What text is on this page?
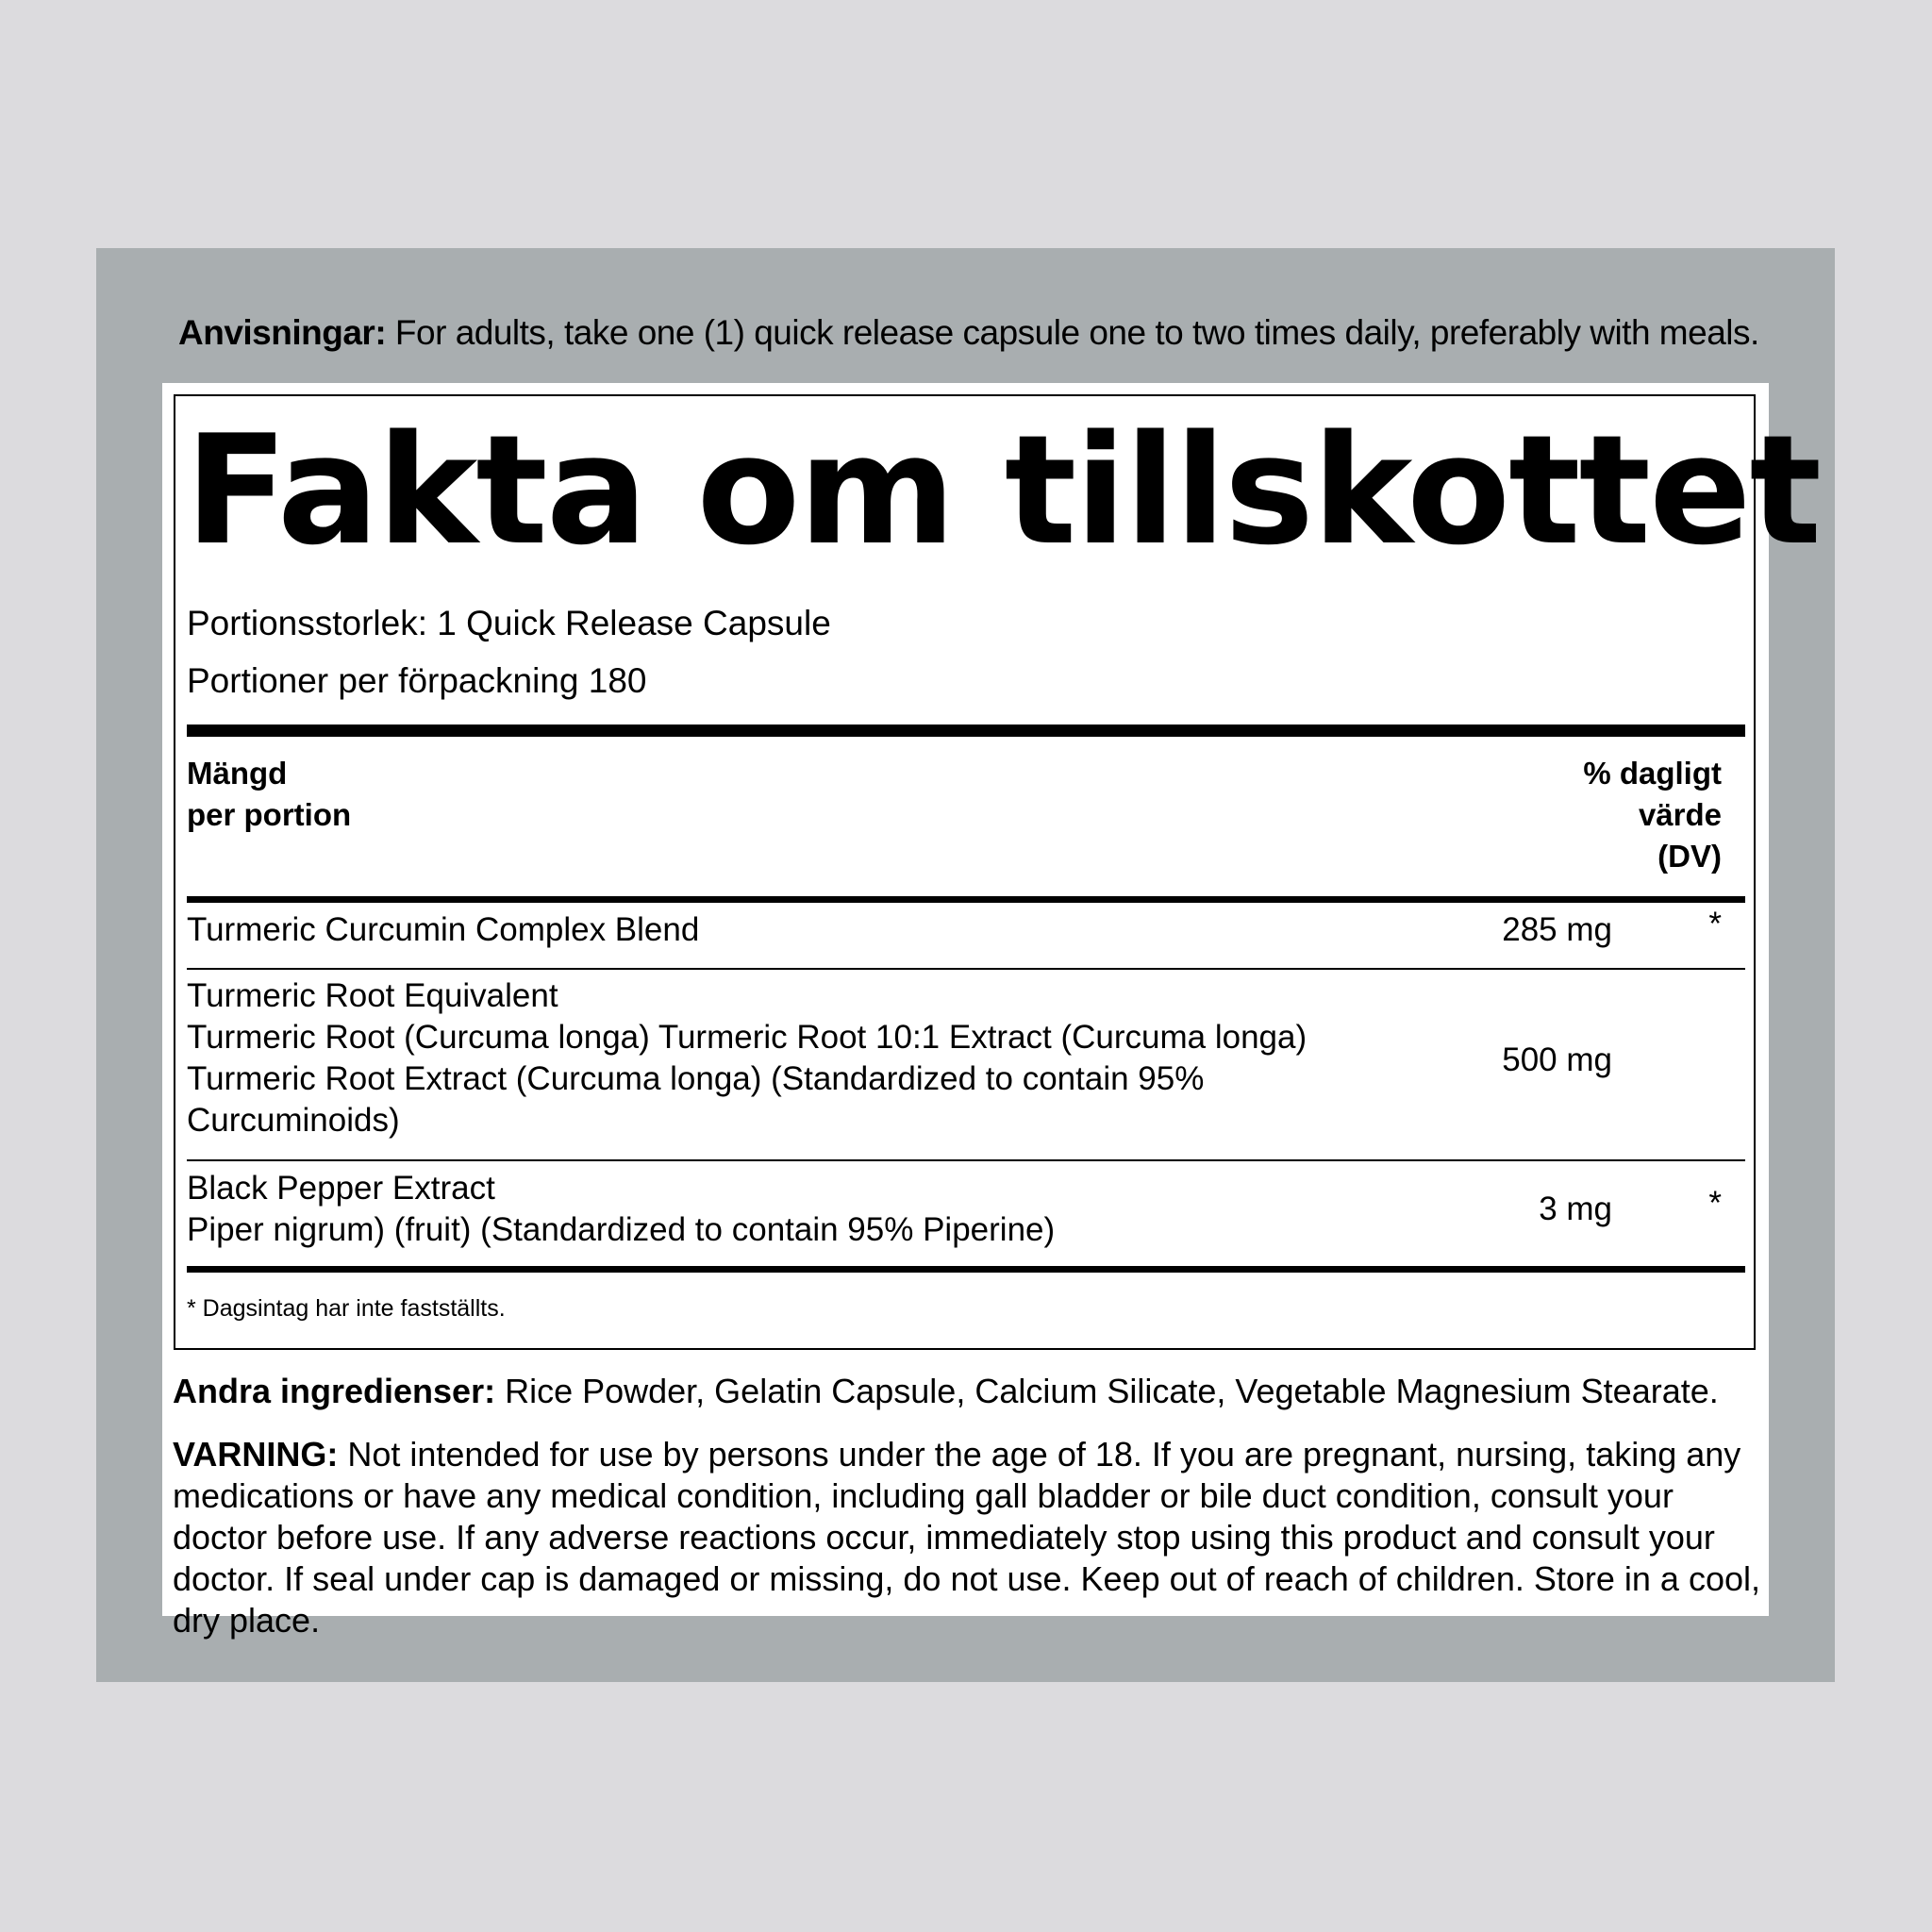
Anvisningar: For adults, take one (1) quick release capsule one to two times daily, preferably with meals.
Fakta om tillskottet
Portionsstorlek: 1 Quick Release Capsule
Portioner per förpackning 180
Mängd
per portion
% dagligt
värde
(DV)
Turmeric Curcumin Complex Blend	285 mg	*
Turmeric Root Equivalent
Turmeric Root (Curcuma longa) Turmeric Root 10:1 Extract (Curcuma longa)
Turmeric Root Extract (Curcuma longa) (Standardized to contain 95%
Curcuminoids)
500 mg
Black Pepper Extract
Piper nigrum) (fruit) (Standardized to contain 95% Piperine)
3 mg	*
* Dagsintag har inte fastställts.
Andra ingredienser: Rice Powder, Gelatin Capsule, Calcium Silicate, Vegetable Magnesium Stearate.
VARNING: Not intended for use by persons under the age of 18. If you are pregnant, nursing, taking any medications or have any medical condition, including gall bladder or bile duct condition, consult your doctor before use. If any adverse reactions occur, immediately stop using this product and consult your doctor. If seal under cap is damaged or missing, do not use. Keep out of reach of children. Store in a cool, dry place.
